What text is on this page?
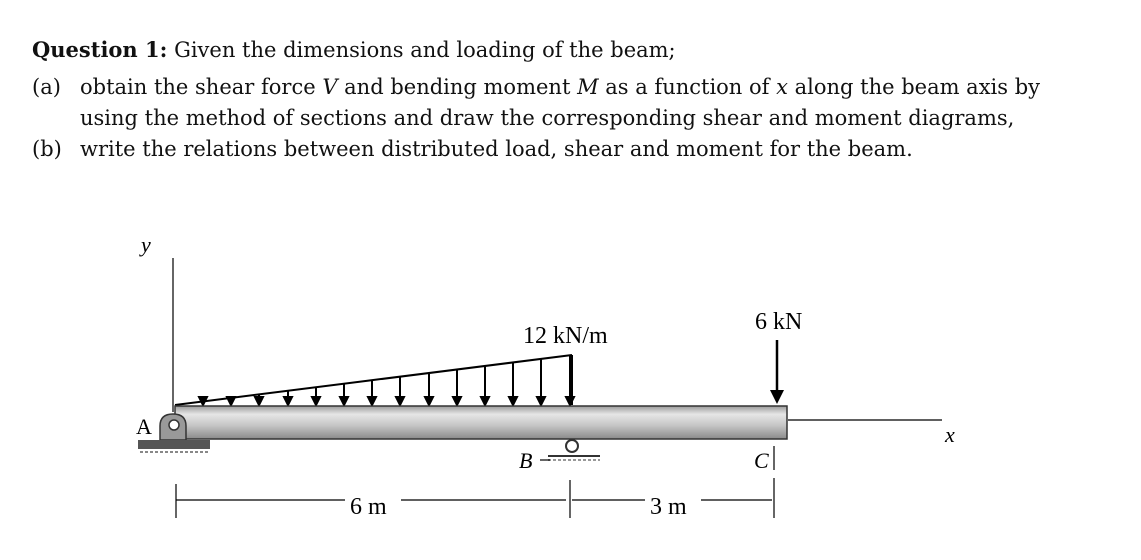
Question 1: Given the dimensions and loading of the beam;

(a) obtain the shear force V and bending moment M as a function of x along the beam axis by
using the method of sections and draw the corresponding shear and moment diagrams,
(b) write the relations between distributed load, shear and moment for the beam.
y
x
12 kN/m
6 kN
A
B	C
6 m	3 m
